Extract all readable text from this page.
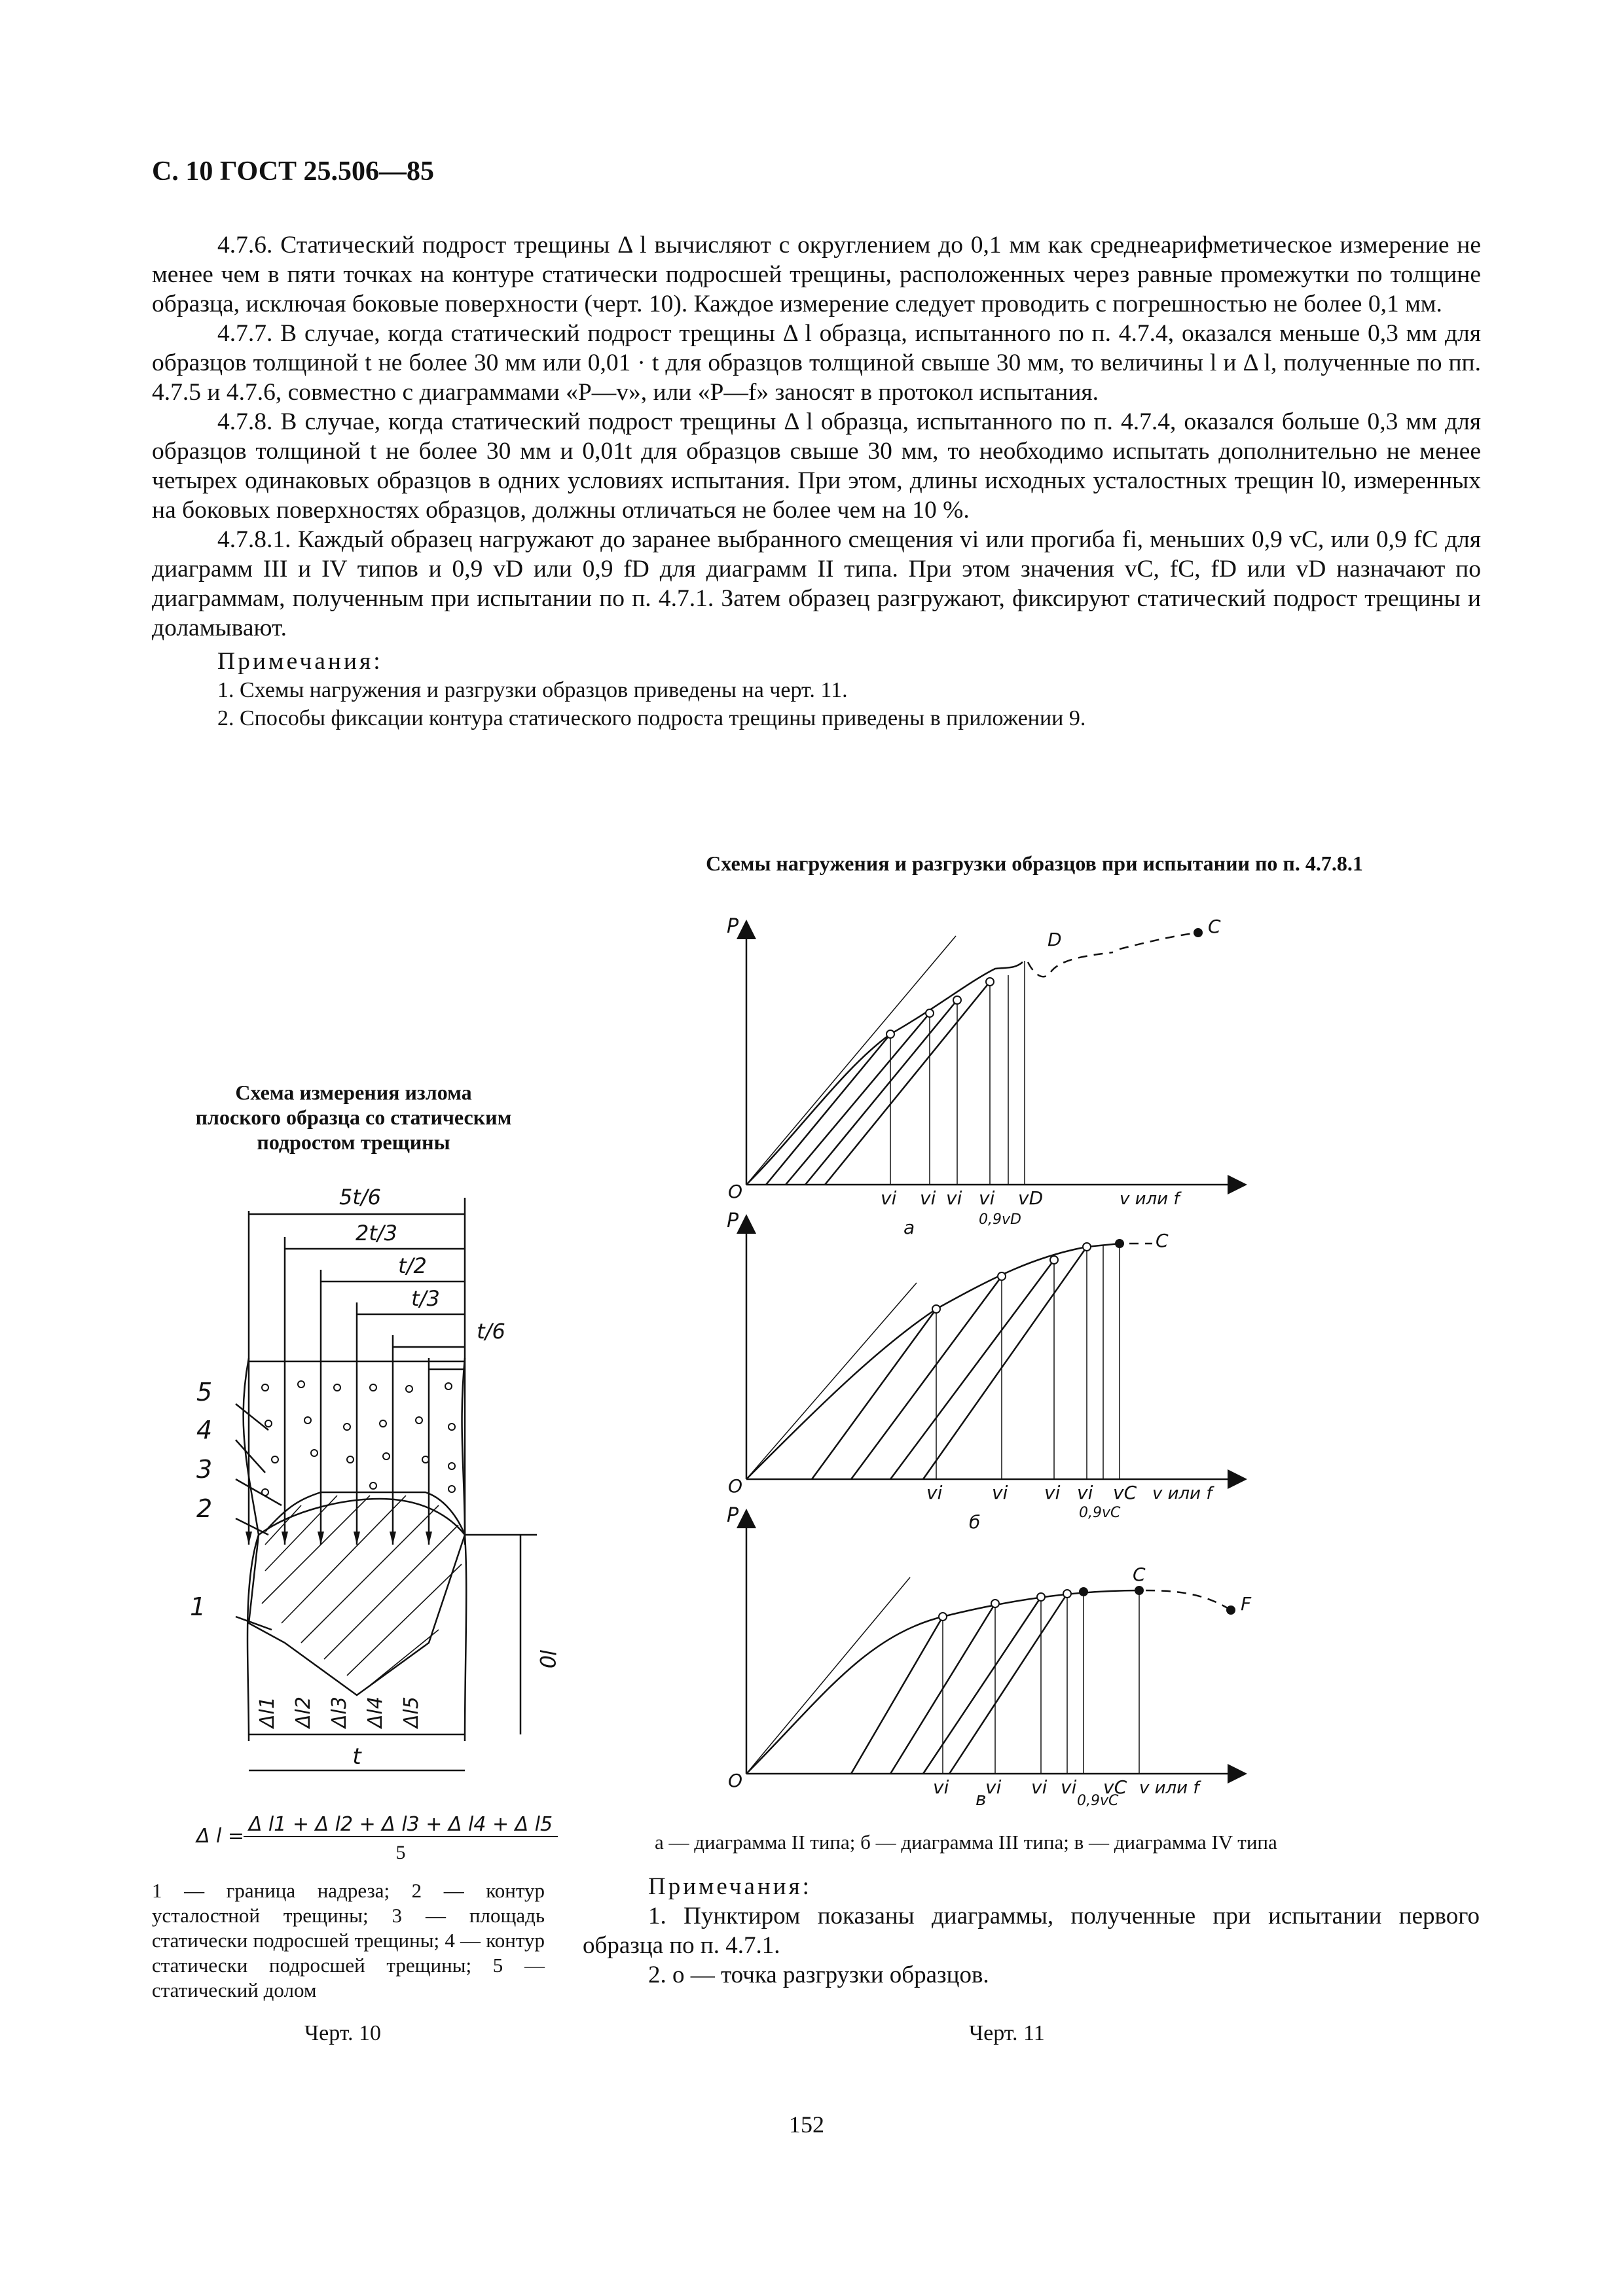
С. 10 ГОСТ 25.506—85

4.7.6. Статический подрост трещины Δ l вычисляют с округлением до 0,1 мм как среднеарифметическое измерение не менее чем в пяти точках на контуре статически подросшей трещины, расположенных через равные промежутки по толщине образца, исключая боковые поверхности (черт. 10). Каждое измерение следует проводить с погрешностью не более 0,1 мм.

4.7.7. В случае, когда статический подрост трещины Δ l образца, испытанного по п. 4.7.4, оказался меньше 0,3 мм для образцов толщиной t не более 30 мм или 0,01 · t для образцов толщиной свыше 30 мм, то величины l и Δ l, полученные по пп. 4.7.5 и 4.7.6, совместно с диаграммами «P—v», или «P—f» заносят в протокол испытания.

4.7.8. В случае, когда статический подрост трещины Δ l образца, испытанного по п. 4.7.4, оказался больше 0,3 мм для образцов толщиной t не более 30 мм и 0,01t для образцов свыше 30 мм, то необходимо испытать дополнительно не менее четырех одинаковых образцов в одних условиях испытания. При этом, длины исходных усталостных трещин l0, измеренных на боковых поверхностях образцов, должны отличаться не более чем на 10 %.

4.7.8.1. Каждый образец нагружают до заранее выбранного смещения vi или прогиба fi, меньших 0,9 vC, или 0,9 fC для диаграмм III и IV типов и 0,9 vD или 0,9 fD для диаграмм II типа. При этом значения vC, fC, fD или vD назначают по диаграммам, полученным при испытании по п. 4.7.1. Затем образец разгружают, фиксируют статический подрост трещины и доламывают.

Примечания:

1. Схемы нагружения и разгрузки образцов приведены на черт. 11.

2. Способы фиксации контура статического подроста трещины приведены в приложении 9.

Схемы нагружения и разгрузки образцов при испытании по п. 4.7.8.1
Схема измерения излома
плоского образца со статическим
подростом трещины
5t/6
2t/3
t/2
t/3
t/6
5
4
3
2
1
Δl1 Δl2 Δl3 Δl4 Δl5
l0
t
Δ l =
Δ l1 + Δ l2 + Δ l3 + Δ l4 + Δ l5
5
1 — граница надреза; 2 — контур усталостной трещины; 3 — площадь статически подросшей трещины; 4 — контур статически подросшей трещины; 5 — статический долом
Черт. 10
P
O
D
C
vi vi vi vi vD	v или f
0,9vD
а
P
O
C
vi	vi vi vi vC v или f
0,9vC
б
P
O
C
F
vi vi vi vi vC v или f
0,9vC
в
а — диаграмма II типа; б — диаграмма III типа; в — диаграмма IV типа
Примечания:
1. Пунктиром показаны диаграммы, полученные при испытании первого образца по п. 4.7.1.
2. о — точка разгрузки образцов.
Черт. 11
152
